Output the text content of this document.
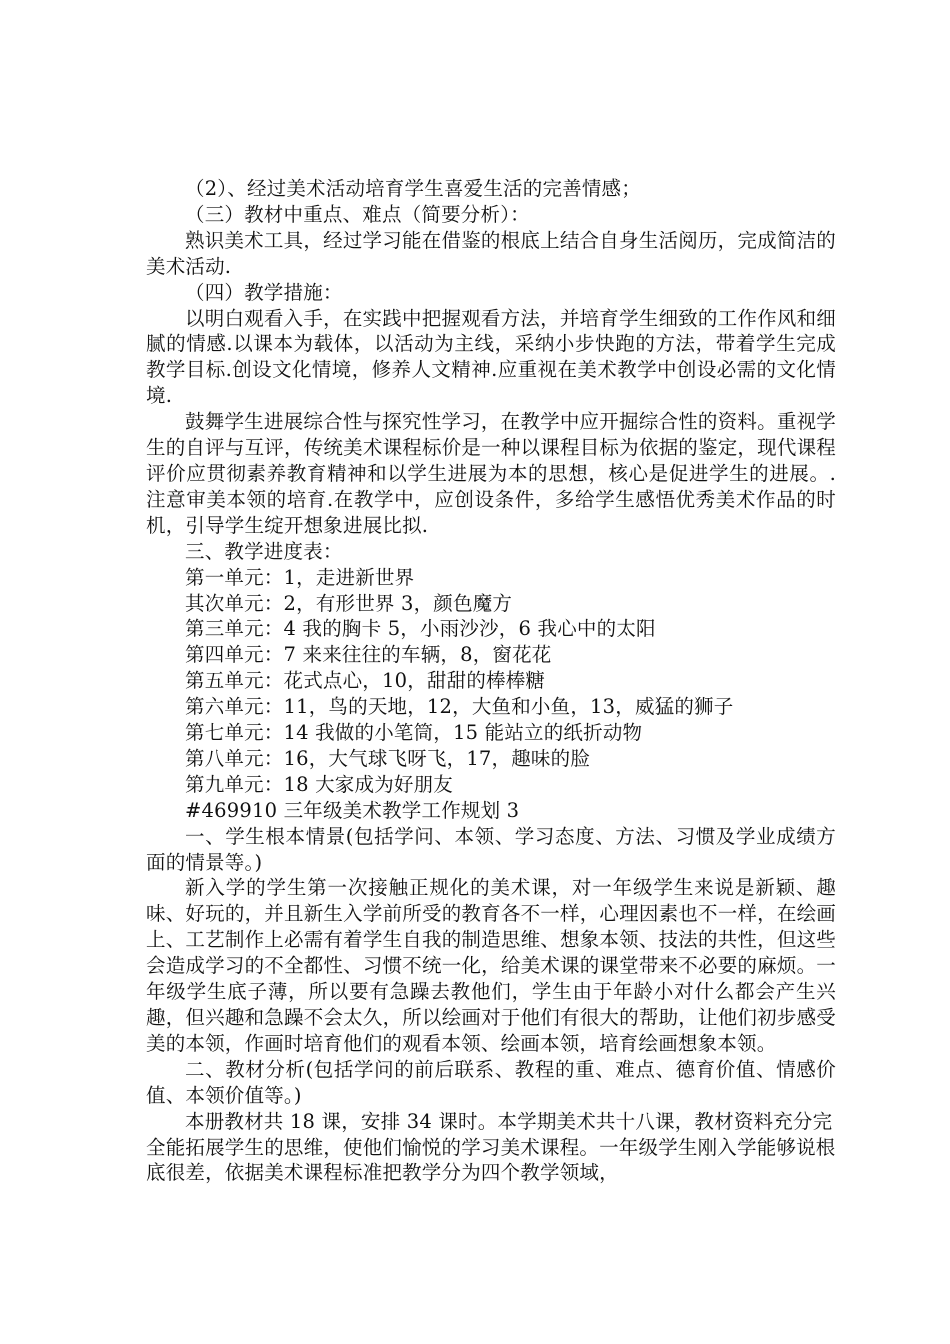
（2）、经过美术活动培育学生喜爱生活的完善情感；

（三）教材中重点、难点（简要分析）：

熟识美术工具，经过学习能在借鉴的根底上结合自身生活阅历，完成简洁的美术活动.

（四）教学措施：

以明白观看入手，在实践中把握观看方法，并培育学生细致的工作作风和细腻的情感.以课本为载体，以活动为主线，采纳小步快跑的方法，带着学生完成教学目标.创设文化情境，修养人文精神.应重视在美术教学中创设必需的文化情境.

鼓舞学生进展综合性与探究性学习，在教学中应开掘综合性的资料。重视学生的自评与互评，传统美术课程标价是一种以课程目标为依据的鉴定，现代课程评价应贯彻素养教育精神和以学生进展为本的思想，核心是促进学生的进展。.注意审美本领的培育.在教学中，应创设条件，多给学生感悟优秀美术作品的时机，引导学生绽开想象进展比拟.

三、教学进度表：

第一单元：1，走进新世界

其次单元：2，有形世界 3，颜色魔方

第三单元：4 我的胸卡 5，小雨沙沙，6 我心中的太阳

第四单元：7 来来往往的车辆，8，窗花花

第五单元：花式点心，10，甜甜的棒棒糖

第六单元：11，鸟的天地，12，大鱼和小鱼，13，威猛的狮子

第七单元：14 我做的小笔筒，15 能站立的纸折动物

第八单元：16，大气球飞呀飞，17，趣味的脸

第九单元：18 大家成为好朋友

#469910 三年级美术教学工作规划 3

一、学生根本情景(包括学问、本领、学习态度、方法、习惯及学业成绩方面的情景等。)

新入学的学生第一次接触正规化的美术课，对一年级学生来说是新颖、趣味、好玩的，并且新生入学前所受的教育各不一样，心理因素也不一样，在绘画上、工艺制作上必需有着学生自我的制造思维、想象本领、技法的共性，但这些会造成学习的不全都性、习惯不统一化，给美术课的课堂带来不必要的麻烦。一年级学生底子薄，所以要有急躁去教他们，学生由于年龄小对什么都会产生兴趣，但兴趣和急躁不会太久，所以绘画对于他们有很大的帮助，让他们初步感受美的本领，作画时培育他们的观看本领、绘画本领，培育绘画想象本领。

二、教材分析(包括学问的前后联系、教程的重、难点、德育价值、情感价值、本领价值等。)

本册教材共 18 课，安排 34 课时。本学期美术共十八课，教材资料充分完全能拓展学生的思维，使他们愉悦的学习美术课程。一年级学生刚入学能够说根底很差，依据美术课程标准把教学分为四个教学领域，
